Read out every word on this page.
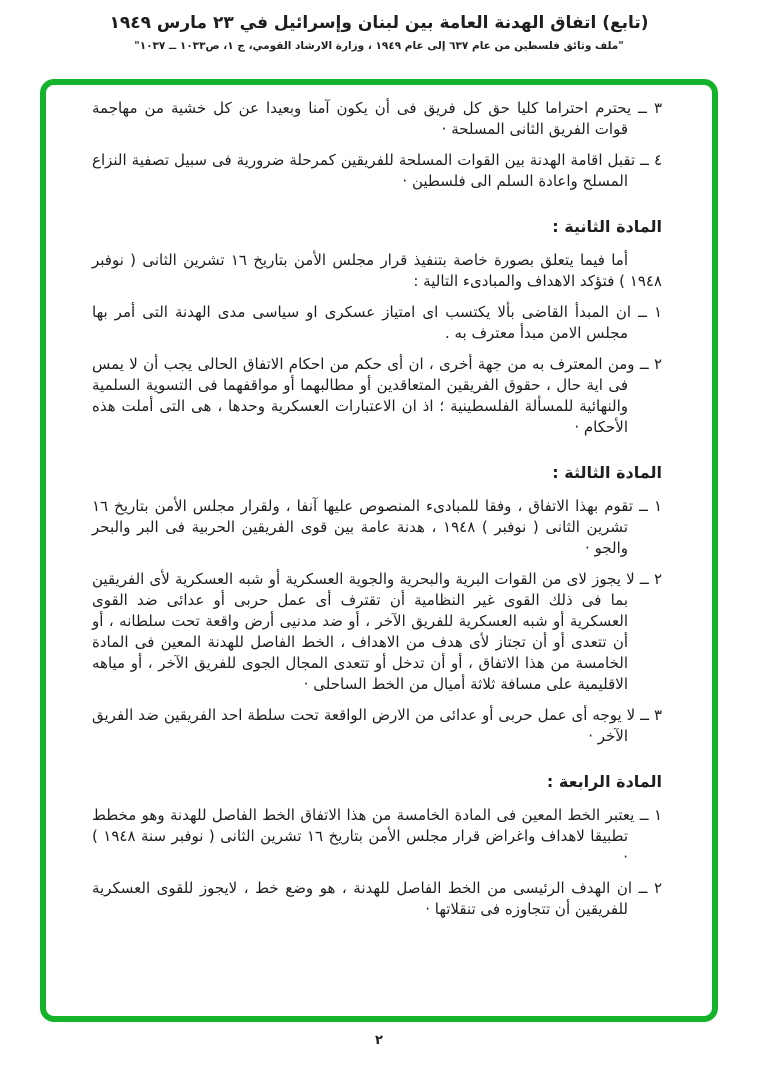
(تابع) اتفاق الهدنة العامة بين لبنان وإسرائيل في ٢٣ مارس ١٩٤٩
"ملف وثائق فلسطين من عام ٦٣٧ إلى عام ١٩٤٩ ، وزارة الارشاد القومي، ج ١، ص١٠٣٣ ــ ١٠٣٧"

٣ ــ يحترم احتراما كليا حق كل فريق فى أن يكون آمنا وبعيدا عن كل خشية من مهاجمة قوات الفريق الثانى المسلحة ·

٤ ــ تقبل اقامة الهدنة بين القوات المسلحة للفريقين كمرحلة ضرورية فى سبيل تصفية النزاع المسلح واعادة السلم الى فلسطين ·

المادة الثانية :

أما فيما يتعلق بصورة خاصة بتنفيذ قرار مجلس الأمن بتاريخ ١٦ تشرين الثانى ( نوفبر ١٩٤٨ ) فتؤكد الاهداف والمبادىء التالية :

١ ــ ان المبدأ القاضى بألا يكتسب اى امتياز عسكرى او سياسى مدى الهدنة التى أمر بها مجلس الامن مبدأ معترف به .

٢ ــ ومن المعترف به من جهة أخرى ، ان أى حكم من احكام الاتفاق الحالى يجب أن لا يمس فى اية حال ، حقوق الفريقين المتعاقدين أو مطالبهما أو مواقفهما فى التسوية السلمية والنهائية للمسألة الفلسطينية ؛ اذ ان الاعتبارات العسكرية وحدها ، هى التى أملت هذه الأحكام ·

المادة الثالثة :

١ ــ تقوم بهذا الاتفاق ، وفقا للمبادىء المنصوص عليها آنفا ، ولقرار مجلس الأمن بتاريخ ١٦ تشرين الثانى ( نوفبر ) ١٩٤٨ ، هدنة عامة بين قوى الفريقين الحربية فى البر والبحر والجو ·

٢ ــ لا يجوز لاى من القوات البرية والبحرية والجوية العسكرية أو شبه العسكرية لأى الفريقين بما فى ذلك القوى غير النظامية أن تقترف أى عمل حربى أو عدائى ضد القوى العسكرية أو شبه العسكرية للفريق الآخر ، أو ضد مدنيى أرض واقعة تحت سلطانه ، أو أن تتعدى أو أن تجتاز لأى هدف من الاهداف ، الخط الفاصل للهدنة المعين فى المادة الخامسة من هذا الاتفاق ، أو أن تدخل أو تتعدى المجال الجوى للفريق الآخر ، أو مياهه الاقليمية على مسافة ثلاثة أميال من الخط الساحلى ·

٣ ــ لا يوجه أى عمل حربى أو عدائى من الارض الواقعة تحت سلطة احد الفريقين ضد الفريق الآخر ·

المادة الرابعة :

١ ــ يعتبر الخط المعين فى المادة الخامسة من هذا الاتفاق الخط الفاصل للهدنة وهو مخطط تطبيقا لاهداف واغراض قرار مجلس الأمن بتاريخ ١٦ تشرين الثانى ( نوفبر سنة ١٩٤٨ ) ·

٢ ــ ان الهدف الرئيسى من الخط الفاصل للهدنة ، هو وضع خط ، لايجوز للقوى العسكرية للفريقين أن تتجاوزه فى تنقلاتها ·

٢
